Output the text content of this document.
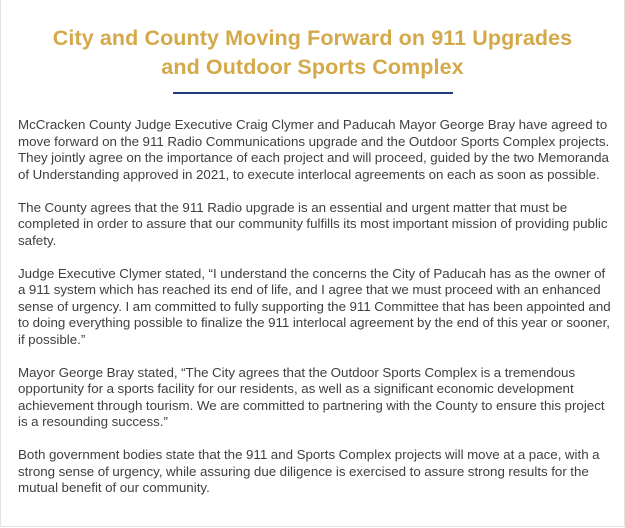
City and County Moving Forward on 911 Upgrades
and Outdoor Sports Complex

McCracken County Judge Executive Craig Clymer and Paducah Mayor George Bray have agreed to move forward on the 911 Radio Communications upgrade and the Outdoor Sports Complex projects. They jointly agree on the importance of each project and will proceed, guided by the two Memoranda of Understanding approved in 2021, to execute interlocal agreements on each as soon as possible.

The County agrees that the 911 Radio upgrade is an essential and urgent matter that must be completed in order to assure that our community fulfills its most important mission of providing public safety.

Judge Executive Clymer stated, “I understand the concerns the City of Paducah has as the owner of a 911 system which has reached its end of life, and I agree that we must proceed with an enhanced sense of urgency. I am committed to fully supporting the 911 Committee that has been appointed and to doing everything possible to finalize the 911 interlocal agreement by the end of this year or sooner, if possible.”

Mayor George Bray stated, “The City agrees that the Outdoor Sports Complex is a tremendous opportunity for a sports facility for our residents, as well as a significant economic development achievement through tourism. We are committed to partnering with the County to ensure this project is a resounding success.”

Both government bodies state that the 911 and Sports Complex projects will move at a pace, with a strong sense of urgency, while assuring due diligence is exercised to assure strong results for the mutual benefit of our community.
